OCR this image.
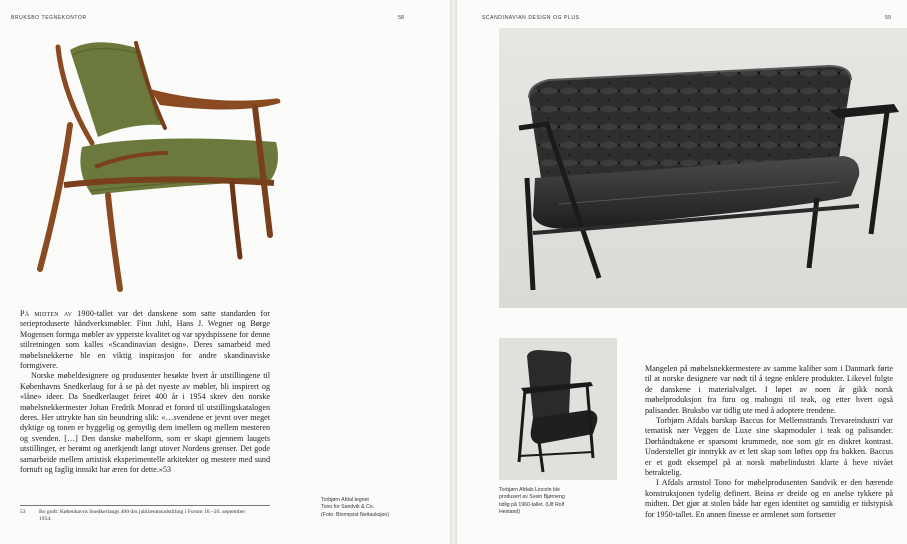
BRUKSBO TEGNEKONTOR	58

På midten av 1900-tallet var det danskene som satte standarden for serieproduserte håndverksmøbler. Finn Juhl, Hans J. Wegner og Børge Mogensen formga møbler av ypperste kvalitet og var spydspissene for denne stilretningen som kalles «Scandinavian design». Deres samarbeid med møbelsnekkerne ble en viktig inspirasjon for andre skandinaviske formgivere.

Norske møbeldesignere og produsenter besøkte hvert år utstillingene til Københavns Snedkerlaug for å se på det nyeste av møbler, bli inspirert og «låne» ideer. Da Snedkerlauget feiret 400 år i 1954 skrev den norske møbelsnekkermester Johan Fredrik Monrad et forord til utstillingskatalogen deres. Her uttrykte han sin beundring slik: «…svendene er jevnt over meget dyktige og tonen er hyggelig og gemytlig dem imellem og mellem mesteren og svenden. […] Den danske møbelform, som er skapt gjennem laugets utstillinger, er berømt og anerkjendt langt utover Nordens grenser. Det gode samarbeide mellem artistisk eksperimentelle arkitekter og mestere med sund fornuft og faglig innsikt har æren for dette.»53

53 Bo godt: Københavns Snedkerlaugs 400-års jubilæumsudstilling i Forum 16.–26. september 1954.
Torbjørn Afdal tegnet
Tono for Sandvik & Co.
(Foto: Blomqvist Nettauksjon)
SCANDINAVIAN DESIGN OG PLUS	59
Torbjørn Afdals Lincoln ble
produsert av Svein Bjørneng
tidlig på 1960-tallet. (Ulf Rolf
Hestand)

Mangelen på møbelsnekkermestere av samme kaliber som i Danmark førte til at norske designere var nødt til å tegne enklere produkter. Likevel fulgte de danskene i materialvalget. I løpet av noen år gikk norsk møbelproduksjon fra furu og mahogni til teak, og etter hvert også palisander. Bruksbo var tidlig ute med å adoptere trendene.

Torbjørn Afdals barskap Baccus for Mellemstrands Trevareindustri var tematisk nær Veggen de Luxe sine skapmoduler i teak og palisander. Dørhåndtakene er sparsomt krummede, noe som gir en diskret kontrast. Understellet gir inntrykk av et lett skap som løftes opp fra bakken. Baccus er et godt eksempel på at norsk møbelindustri klarte å heve nivået betraktelig.

I Afdals armstol Tono for møbelprodusenten Sandvik er den bærende konstruksjonen tydelig definert. Beina er dreide og en anelse tykkere på midten. Det gjør at stolen både har egen identitet og samtidig er tidstypisk for 1950-tallet. En annen finesse er armlenet som fortsetter
